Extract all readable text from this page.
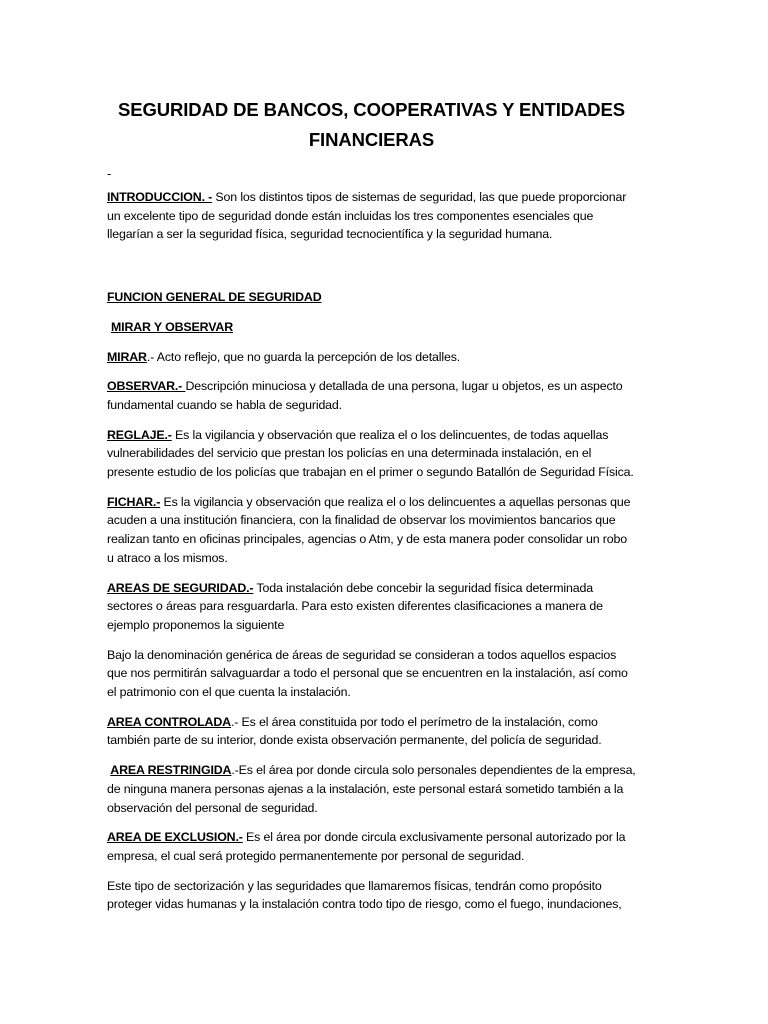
SEGURIDAD DE BANCOS, COOPERATIVAS Y ENTIDADES FINANCIERAS
-

INTRODUCCION. - Son los distintos tipos de sistemas de seguridad, las que puede proporcionar un excelente tipo de seguridad donde están incluidas los tres componentes esenciales que llegarían a ser la seguridad física, seguridad tecnocientífica y la seguridad humana.

FUNCION GENERAL DE SEGURIDAD

MIRAR Y OBSERVAR

MIRAR.- Acto reflejo, que no guarda la percepción de los detalles.

OBSERVAR.- Descripción minuciosa y detallada de una persona, lugar u objetos, es un aspecto fundamental cuando se habla de seguridad.

REGLAJE.- Es la vigilancia y observación que realiza el o los delincuentes, de todas aquellas vulnerabilidades del servicio que prestan los policías en una determinada instalación, en el presente estudio de los policías que trabajan en el primer o segundo Batallón de Seguridad Física.

FICHAR.- Es la vigilancia y observación que realiza el o los delincuentes a aquellas personas que acuden a una institución financiera, con la finalidad de observar los movimientos bancarios que realizan tanto en oficinas principales, agencias o Atm, y de esta manera poder consolidar un robo u atraco a los mismos.

AREAS DE SEGURIDAD.- Toda instalación debe concebir la seguridad física determinada sectores o áreas para resguardarla. Para esto existen diferentes clasificaciones a manera de ejemplo proponemos la siguiente

Bajo la denominación genérica de áreas de seguridad se consideran a todos aquellos espacios que nos permitirán salvaguardar a todo el personal que se encuentren en la instalación, así como el patrimonio con el que cuenta la instalación.

AREA CONTROLADA.- Es el área constituida por todo el perímetro de la instalación, como también parte de su interior, donde exista observación permanente, del policía de seguridad.

AREA RESTRINGIDA.-Es el área por donde circula solo personales dependientes de la empresa, de ninguna manera personas ajenas a la instalación, este personal estará sometido también a la observación del personal de seguridad.

AREA DE EXCLUSION.- Es el área por donde circula exclusivamente personal autorizado por la empresa, el cual será protegido permanentemente por personal de seguridad.

Este tipo de sectorización y las seguridades que llamaremos físicas, tendrán como propósito proteger vidas humanas y la instalación contra todo tipo de riesgo, como el fuego, inundaciones,
